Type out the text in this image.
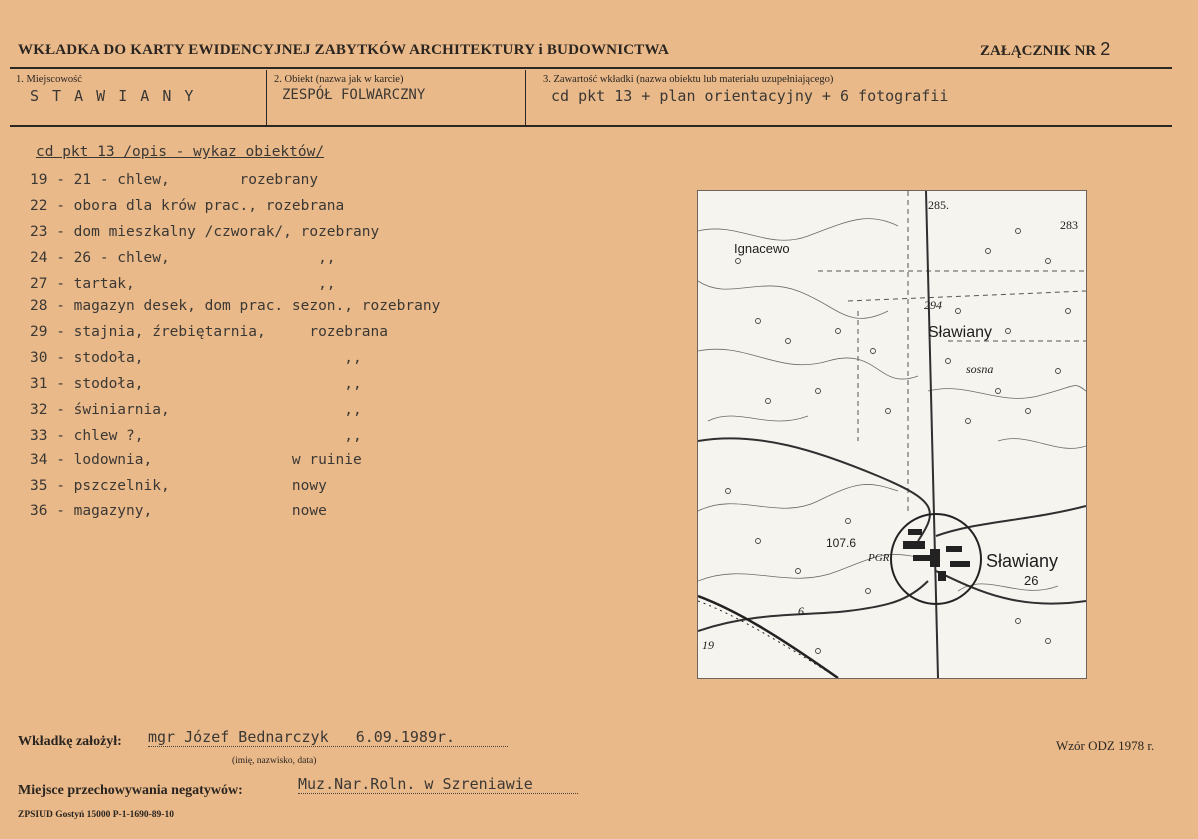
WKŁADKA DO KARTY EWIDENCYJNEJ ZABYTKÓW ARCHITEKTURY i BUDOWNICTWA	ZAŁĄCZNIK NR 2
1. Miejscowość
S T A W I A N Y
2. Obiekt (nazwa jak w karcie)
ZESPÓŁ FOLWARCZNY
3. Zawartość wkładki (nazwa obiektu lub materiału uzupełniającego)
cd pkt 13 + plan orientacyjny + 6 fotografii
cd pkt 13 /opis - wykaz obiektów/
19 - 21 - chlew,        rozebrany
22 - obora dla krów prac., rozebrana
23 - dom mieszkalny /czworak/, rozebrany
24 - 26 - chlew,                 ,,
27 - tartak,                     ,,
28 - magazyn desek, dom prac. sezon., rozebrany
29 - stajnia, źrebiętarnia,     rozebrana
30 - stodoła,                       ,,
31 - stodoła,                       ,,
32 - świniarnia,                    ,,
33 - chlew ?,                       ,,
34 - lodownia,                w ruinie
35 - pszczelnik,              nowy
36 - magazyny,                nowe
Ignacewo
Sławiany
sosna
Sławiany
26
107.6
PGR
285.
283
294
19
6
Wkładkę założył:	mgr Józef Bednarczyk   6.09.1989r.
(imię, nazwisko, data)
Wzór ODZ 1978 r.
Miejsce przechowywania negatywów:	Muz.Nar.Roln. w Szreniawie
ZPSIUD Gostyń 15000 P-1-1690-89-10
